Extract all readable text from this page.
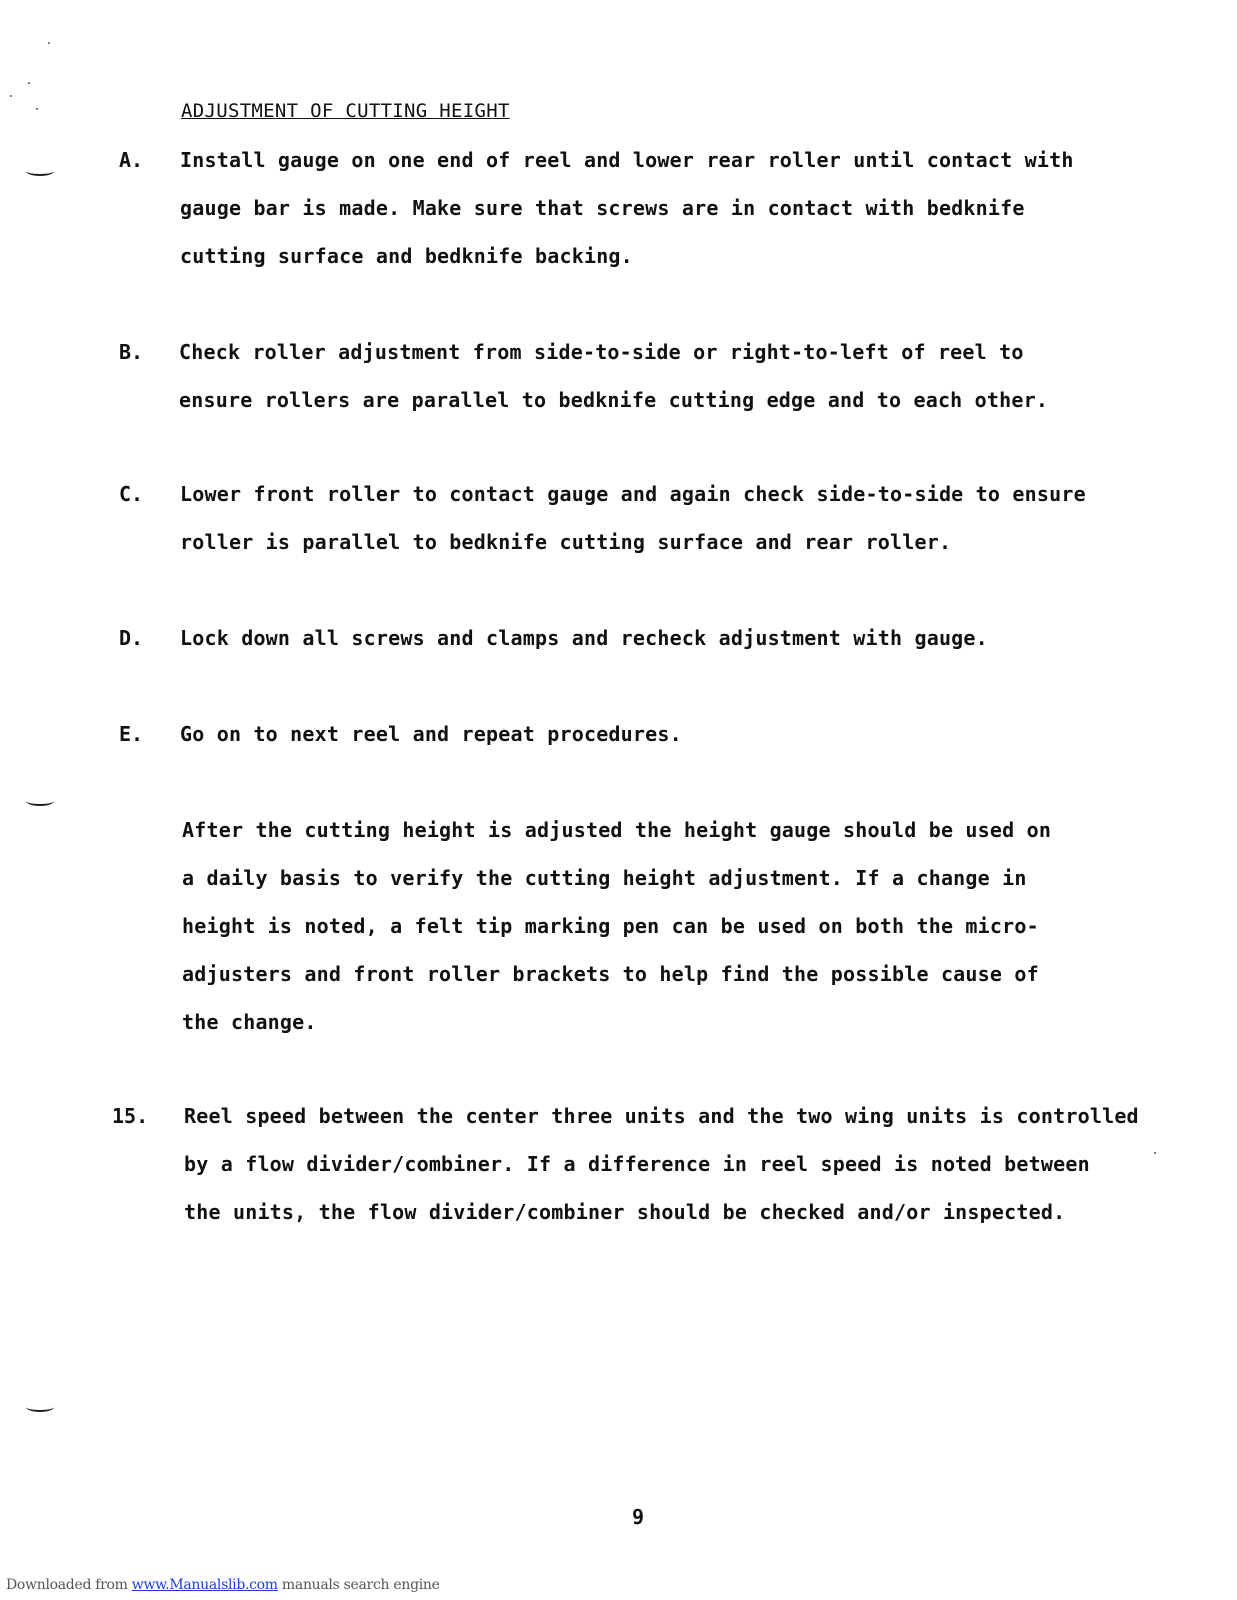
ADJUSTMENT OF CUTTING HEIGHT
A. Install gauge on one end of reel and lower rear roller until contact with
gauge bar is made. Make sure that screws are in contact with bedknife
cutting surface and bedknife backing.
B. Check roller adjustment from side-to-side or right-to-left of reel to
ensure rollers are parallel to bedknife cutting edge and to each other.
C. Lower front roller to contact gauge and again check side-to-side to ensure
roller is parallel to bedknife cutting surface and rear roller.
D. Lock down all screws and clamps and recheck adjustment with gauge.
E. Go on to next reel and repeat procedures.
After the cutting height is adjusted the height gauge should be used on
a daily basis to verify the cutting height adjustment. If a change in
height is noted, a felt tip marking pen can be used on both the micro-
adjusters and front roller brackets to help find the possible cause of
the change.
15. Reel speed between the center three units and the two wing units is controlled
by a flow divider/combiner. If a difference in reel speed is noted between
the units, the flow divider/combiner should be checked and/or inspected.
9
Downloaded from www.Manualslib.com manuals search engine
